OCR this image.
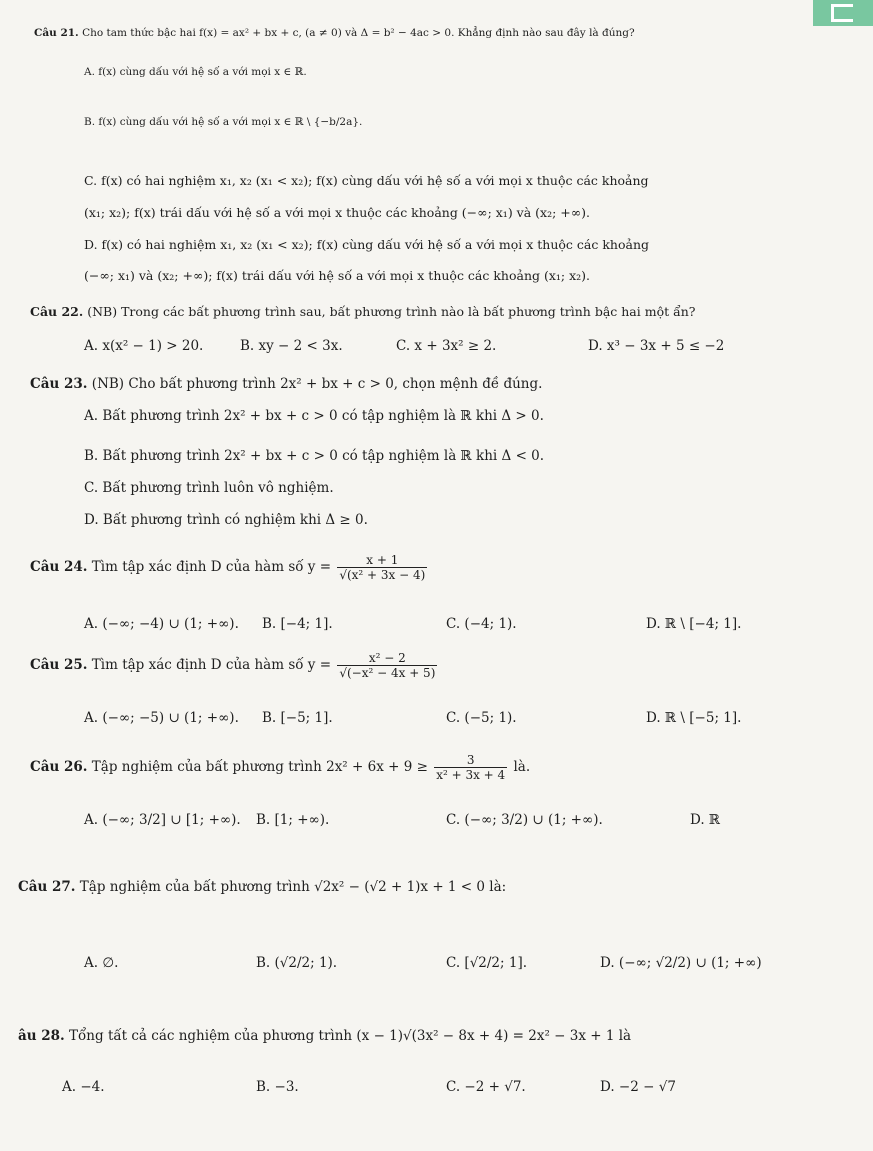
Câu 21. Cho tam thức bậc hai f(x) = ax² + bx + c, (a ≠ 0) và Δ = b² − 4ac > 0. Khẳng định nào sau đây là đúng?
A. f(x) cùng dấu với hệ số a với mọi x ∈ ℝ.
B. f(x) cùng dấu với hệ số a với mọi x ∈ ℝ \ {−b/2a}.
C. f(x) có hai nghiệm x₁, x₂ (x₁ < x₂); f(x) cùng dấu với hệ số a với mọi x thuộc các khoảng
(x₁; x₂); f(x) trái dấu với hệ số a với mọi x thuộc các khoảng (−∞; x₁) và (x₂; +∞).
D. f(x) có hai nghiệm x₁, x₂ (x₁ < x₂); f(x) cùng dấu với hệ số a với mọi x thuộc các khoảng
(−∞; x₁) và (x₂; +∞); f(x) trái dấu với hệ số a với mọi x thuộc các khoảng (x₁; x₂).
Câu 22. (NB) Trong các bất phương trình sau, bất phương trình nào là bất phương trình bậc hai một ẩn?
A. x(x² − 1) > 20.	B. xy − 2 < 3x.	C. x + 3x² ≥ 2.	D. x³ − 3x + 5 ≤ −2
Câu 23. (NB) Cho bất phương trình 2x² + bx + c > 0, chọn mệnh đề đúng.
A. Bất phương trình 2x² + bx + c > 0 có tập nghiệm là ℝ khi Δ > 0.
B. Bất phương trình 2x² + bx + c > 0 có tập nghiệm là ℝ khi Δ < 0.
C. Bất phương trình luôn vô nghiệm.
D. Bất phương trình có nghiệm khi Δ ≥ 0.
Câu 24. Tìm tập xác định D của hàm số $y = \frac{x + 1}{\text{√(x² + 3x − 4)}}$
A. (−∞; −4) ∪ (1; +∞). B. [−4; 1].	C. (−4; 1).	D. ℝ \ [−4; 1].
Câu 25. Tìm tập xác định D của hàm số $y = \frac{\text{x² − 2}}{\text{√(−x² − 4x + 5)}}$
A. (−∞; −5) ∪ (1; +∞). B. [−5; 1].	C. (−5; 1).	D. ℝ \ [−5; 1].
Câu 26. Tập nghiệm của bất phương trình $2x^2 + 6x + 9 \ge \frac{3}{\text{x² + 3x + 4}}$ là.
A. (−∞; 3/2] ∪ [1; +∞). B. [1; +∞).	C. (−∞; 3/2) ∪ (1; +∞).	D. ℝ
Câu 27. Tập nghiệm của bất phương trình √2x² − (√2 + 1)x + 1 < 0 là:
A. ∅.	B. (√2/2; 1).	C. [√2/2; 1].	D. (−∞; √2/2) ∪ (1; +∞)
âu 28. Tổng tất cả các nghiệm của phương trình (x − 1)√(3x² − 8x + 4) = 2x² − 3x + 1 là
A. −4.	B. −3.	C. −2 + √7.	D. −2 − √7
